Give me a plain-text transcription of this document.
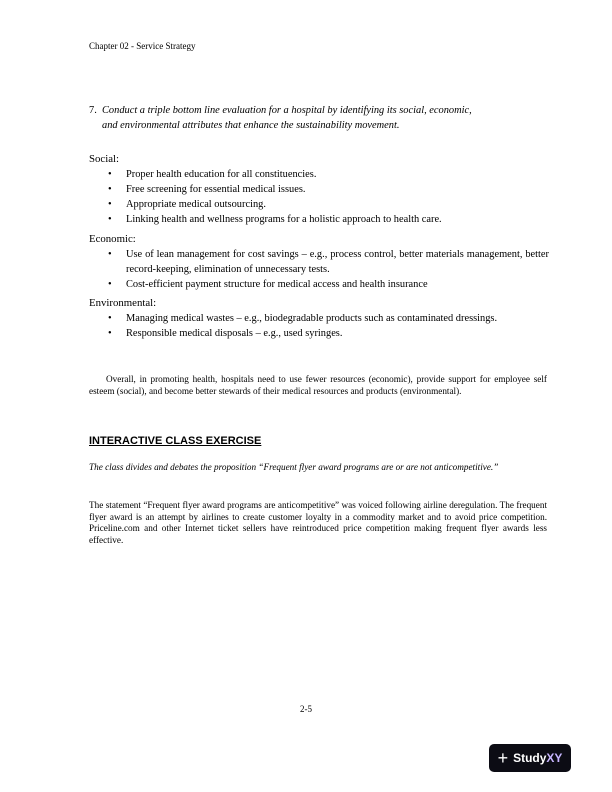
Chapter 02 - Service Strategy
7. Conduct a triple bottom line evaluation for a hospital by identifying its social, economic,
and environmental attributes that enhance the sustainability movement.
Social:
• Proper health education for all constituencies.
• Free screening for essential medical issues.
• Appropriate medical outsourcing.
• Linking health and wellness programs for a holistic approach to health care.
Economic:
• Use of lean management for cost savings – e.g., process control, better materials management, better record-keeping, elimination of unnecessary tests.
• Cost-efficient payment structure for medical access and health insurance
Environmental:
• Managing medical wastes – e.g., biodegradable products such as contaminated dressings.
• Responsible medical disposals – e.g., used syringes.
Overall, in promoting health, hospitals need to use fewer resources (economic), provide support for employee self esteem (social), and become better stewards of their medical resources and products (environmental).
INTERACTIVE CLASS EXERCISE
The class divides and debates the proposition “Frequent flyer award programs are or are not anticompetitive.”
The statement “Frequent flyer award programs are anticompetitive” was voiced following airline deregulation. The frequent flyer award is an attempt by airlines to create customer loyalty in a commodity market and to avoid price competition. Priceline.com and other Internet ticket sellers have reintroduced price competition making frequent flyer awards less effective.
2-5
+ Study XY
